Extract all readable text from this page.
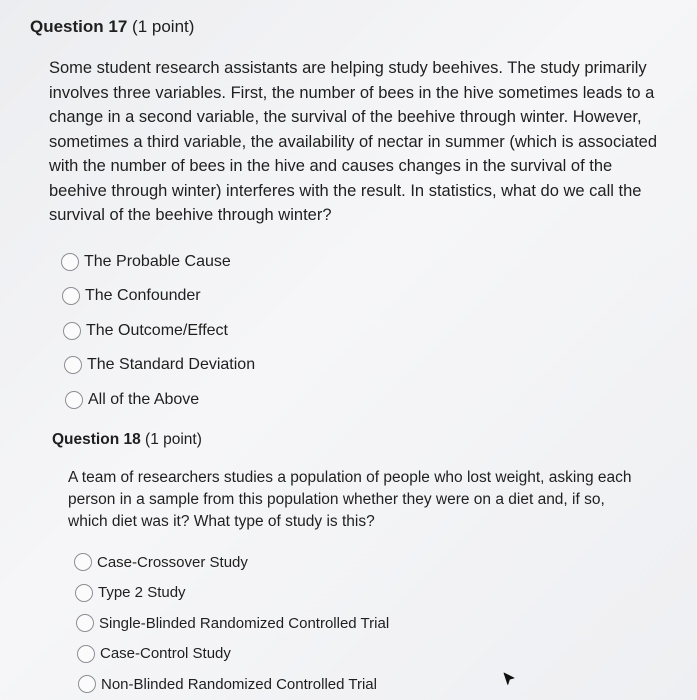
Question 17 (1 point)

Some student research assistants are helping study beehives. The study primarily involves three variables. First, the number of bees in the hive sometimes leads to a change in a second variable, the survival of the beehive through winter. However, sometimes a third variable, the availability of nectar in summer (which is associated with the number of bees in the hive and causes changes in the survival of the beehive through winter) interferes with the result. In statistics, what do we call the survival of the beehive through winter?

The Probable Cause
The Confounder
The Outcome/Effect
The Standard Deviation
All of the Above
Question 18 (1 point)

A team of researchers studies a population of people who lost weight, asking each person in a sample from this population whether they were on a diet and, if so, which diet was it? What type of study is this?

Case-Crossover Study
Type 2 Study
Single-Blinded Randomized Controlled Trial
Case-Control Study
Non-Blinded Randomized Controlled Trial
